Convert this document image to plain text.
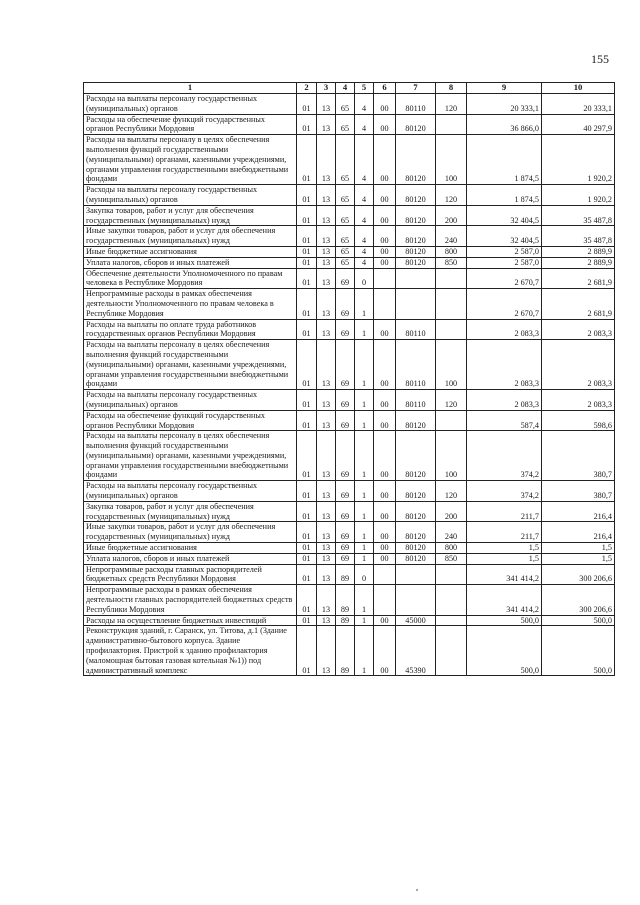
155
1	2	3	4	5	6	7	8	9	10
Расходы на выплаты персоналу государственных (муниципальных) органов	01	13	65	4	00	80110	120	20 333,1	20 333,1
Расходы на обеспечение функций государственных органов Республики Мордовия	01	13	65	4	00	80120		36 866,0	40 297,9
Расходы на выплаты персоналу в целях обеспечения выполнения функций государственными (муниципальными) органами, казенными учреждениями, органами управления государственными внебюджетными фондами	01	13	65	4	00	80120	100	1 874,5	1 920,2
Расходы на выплаты персоналу государственных (муниципальных) органов	01	13	65	4	00	80120	120	1 874,5	1 920,2
Закупка товаров, работ и услуг для обеспечения государственных (муниципальных) нужд	01	13	65	4	00	80120	200	32 404,5	35 487,8
Иные закупки товаров, работ и услуг для обеспечения государственных (муниципальных) нужд	01	13	65	4	00	80120	240	32 404,5	35 487,8
Иные бюджетные ассигнования	01	13	65	4	00	80120	800	2 587,0	2 889,9
Уплата налогов, сборов и иных платежей	01	13	65	4	00	80120	850	2 587,0	2 889,9
Обеспечение деятельности Уполномоченного по правам человека в Республике Мордовия	01	13	69	0				2 670,7	2 681,9
Непрограммные расходы в рамках обеспечения деятельности Уполномоченного по правам человека в Республике Мордовия	01	13	69	1				2 670,7	2 681,9
Расходы на выплаты по оплате труда работников государственных органов Республики Мордовия	01	13	69	1	00	80110		2 083,3	2 083,3
Расходы на выплаты персоналу в целях обеспечения выполнения функций государственными (муниципальными) органами, казенными учреждениями, органами управления государственными внебюджетными фондами	01	13	69	1	00	80110	100	2 083,3	2 083,3
Расходы на выплаты персоналу государственных (муниципальных) органов	01	13	69	1	00	80110	120	2 083,3	2 083,3
Расходы на обеспечение функций государственных органов Республики Мордовия	01	13	69	1	00	80120		587,4	598,6
Расходы на выплаты персоналу в целях обеспечения выполнения функций государственными (муниципальными) органами, казенными учреждениями, органами управления государственными внебюджетными фондами	01	13	69	1	00	80120	100	374,2	380,7
Расходы на выплаты персоналу государственных (муниципальных) органов	01	13	69	1	00	80120	120	374,2	380,7
Закупка товаров, работ и услуг для обеспечения государственных (муниципальных) нужд	01	13	69	1	00	80120	200	211,7	216,4
Иные закупки товаров, работ и услуг для обеспечения государственных (муниципальных) нужд	01	13	69	1	00	80120	240	211,7	216,4
Иные бюджетные ассигнования	01	13	69	1	00	80120	800	1,5	1,5
Уплата налогов, сборов и иных платежей	01	13	69	1	00	80120	850	1,5	1,5
Непрограммные расходы главных распорядителей бюджетных средств Республики Мордовия	01	13	89	0				341 414,2	300 206,6
Непрограммные расходы в рамках обеспечения деятельности главных распорядителей бюджетных средств Республики Мордовия	01	13	89	1				341 414,2	300 206,6
Расходы на осуществление бюджетных инвестиций	01	13	89	1	00	45000		500,0	500,0
Реконструкция зданий, г. Саранск, ул. Титова, д.1 (Здание административно-бытового корпуса. Здание профилактория. Пристрой к зданию профилактория (маломощная бытовая газовая котельная №1)) под административный комплекс	01	13	89	1	00	45390		500,0	500,0
